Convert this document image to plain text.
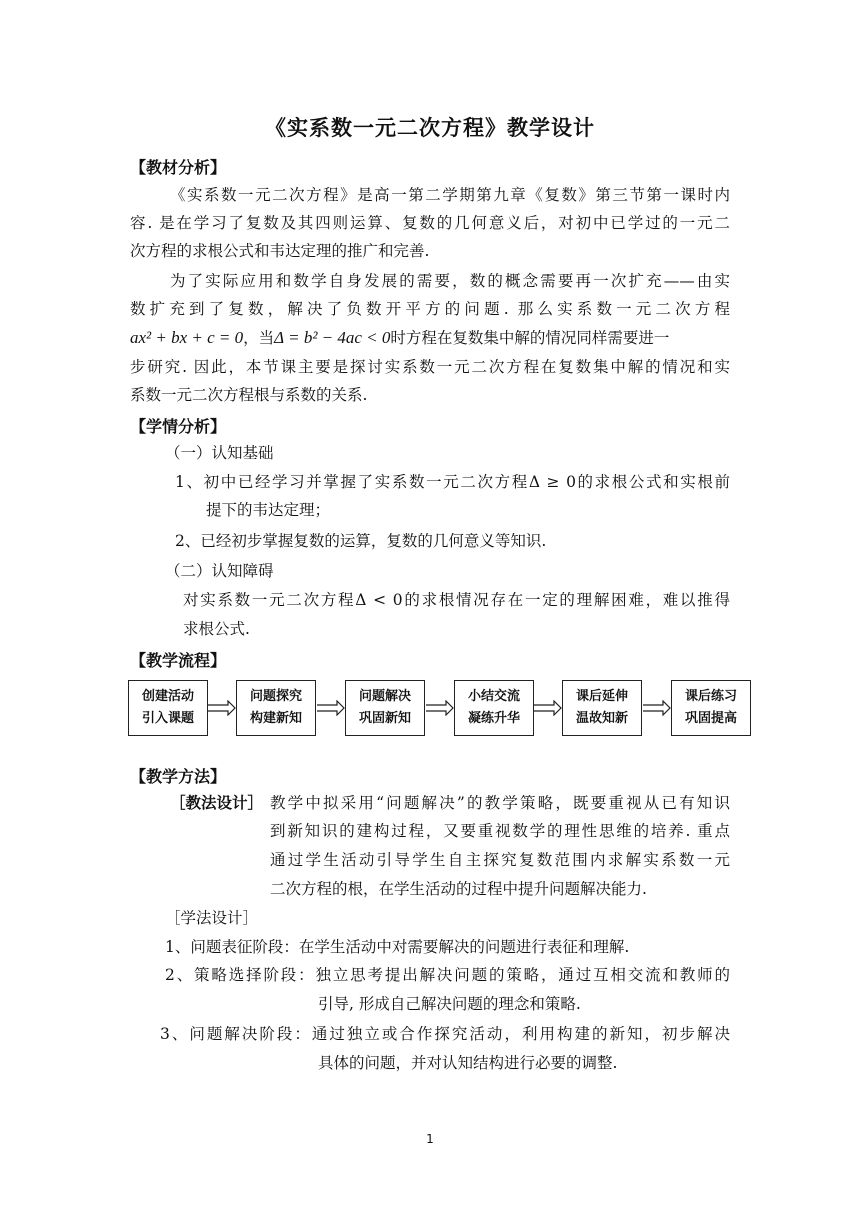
《实系数一元二次方程》教学设计
【教材分析】
《实系数一元二次方程》是高一第二学期第九章《复数》第三节第一课时内
容. 是在学习了复数及其四则运算、复数的几何意义后，对初中已学过的一元二
次方程的求根公式和韦达定理的推广和完善.
为了实际应用和数学自身发展的需要，数的概念需要再一次扩充——由实
数扩充到了复数，解决了负数开平方的问题. 那么实系数一元二次方程
ax² + bx + c = 0，当Δ = b² − 4ac < 0时方程在复数集中解的情况同样需要进一
步研究. 因此，本节课主要是探讨实系数一元二次方程在复数集中解的情况和实
系数一元二次方程根与系数的关系.
【学情分析】
（一）认知基础
1、初中已经学习并掌握了实系数一元二次方程Δ ≥ 0的求根公式和实根前
提下的韦达定理；
2、已经初步掌握复数的运算，复数的几何意义等知识.
（二）认知障碍
对实系数一元二次方程Δ < 0的求根情况存在一定的理解困难，难以推得
求根公式.
【教学流程】
创建活动
引入课题
问题探究
构建新知
问题解决
巩固新知
小结交流
凝练升华
课后延伸
温故知新
课后练习
巩固提高
【教学方法】
［教法设计］ 教学中拟采用“问题解决”的教学策略，既要重视从已有知识
到新知识的建构过程，又要重视数学的理性思维的培养. 重点
通过学生活动引导学生自主探究复数范围内求解实系数一元
二次方程的根，在学生活动的过程中提升问题解决能力.
［学法设计］
1、问题表征阶段：在学生活动中对需要解决的问题进行表征和理解.
2、策略选择阶段：独立思考提出解决问题的策略，通过互相交流和教师的
引导, 形成自己解决问题的理念和策略.
3、问题解决阶段：通过独立或合作探究活动，利用构建的新知，初步解决
具体的问题，并对认知结构进行必要的调整.
1
